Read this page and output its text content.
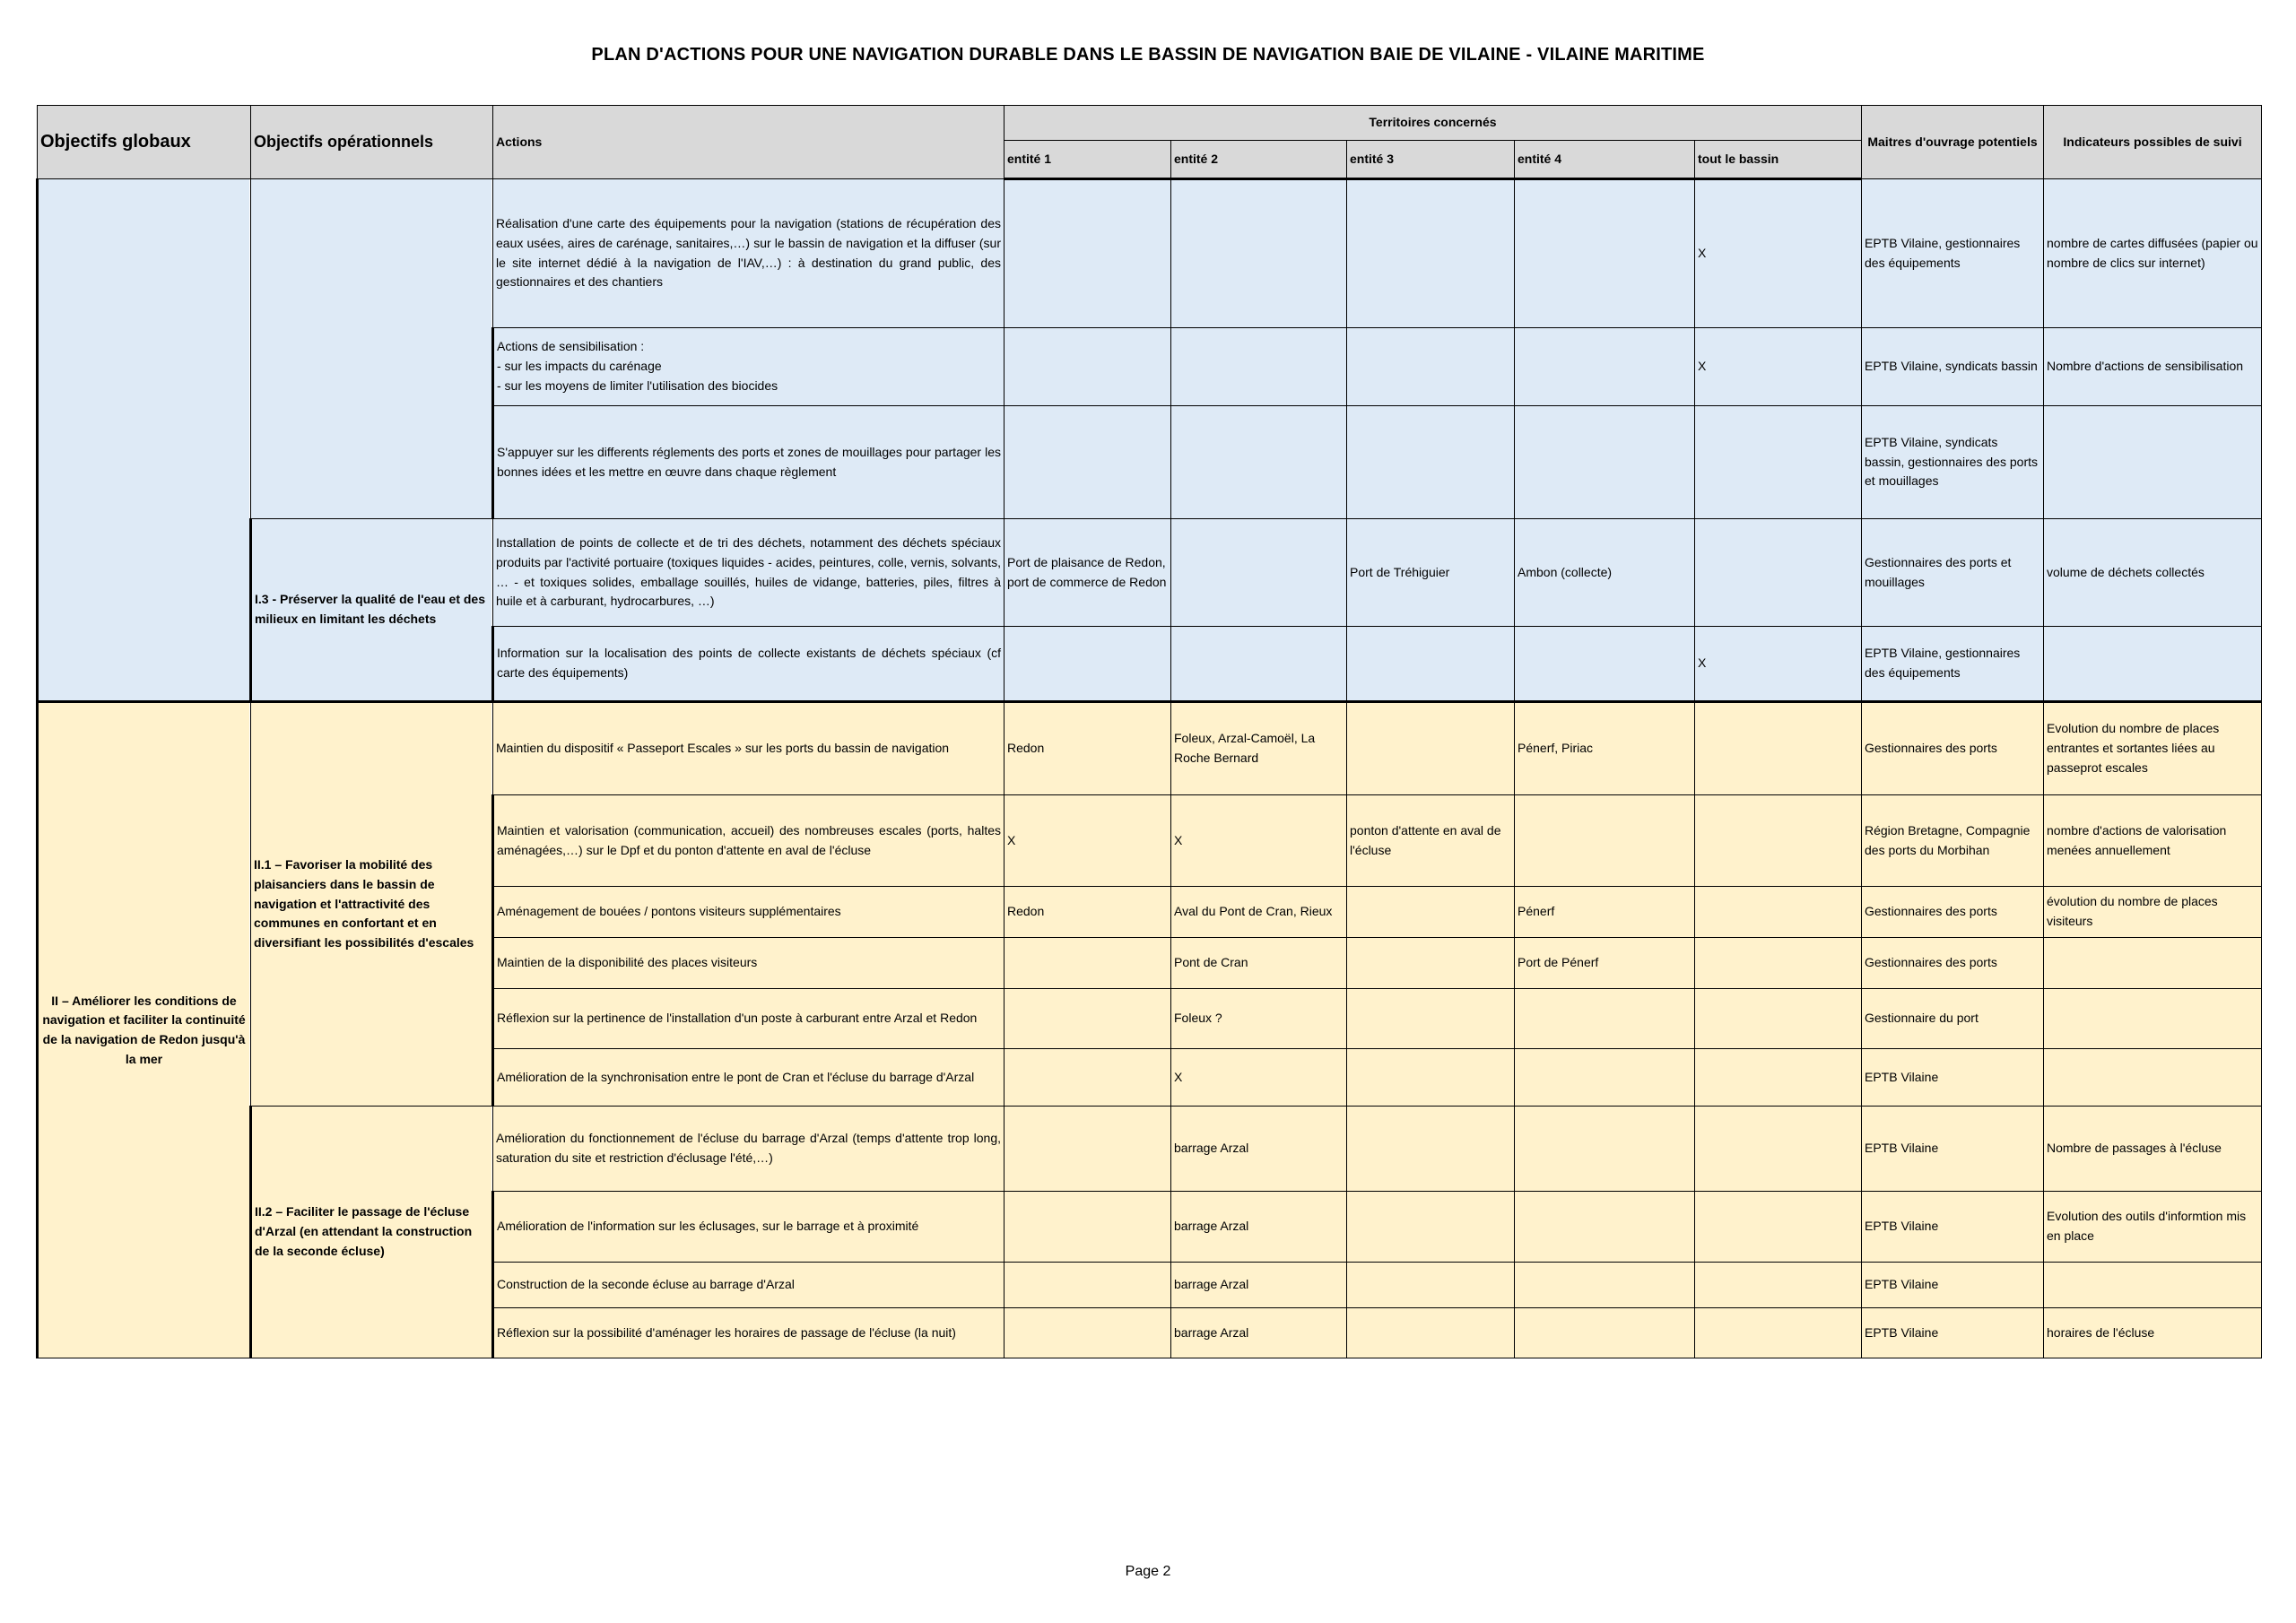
PLAN D'ACTIONS POUR UNE NAVIGATION DURABLE DANS LE BASSIN DE NAVIGATION BAIE DE VILAINE - VILAINE MARITIME
Objectifs globaux	Objectifs opérationnels	Actions	Territoires concernés					Maitres d'ouvrage potentiels	Indicateurs possibles de suivi
			entité 1	entité 2	entité 3	entité 4	tout le bassin		
		Réalisation d'une carte des équipements pour la navigation (stations de récupération des eaux usées, aires de carénage, sanitaires,…) sur le bassin de navigation et la diffuser (sur le site internet dédié à la navigation de l'IAV,…) : à destination du grand public, des gestionnaires et des chantiers					X	EPTB Vilaine, gestionnaires des équipements	nombre de cartes diffusées (papier ou nombre de clics sur internet)

		Actions de sensibilisation :
- sur les impacts du carénage
- sur les moyens de limiter l'utilisation des biocides					X	EPTB Vilaine, syndicats bassin	Nombre d'actions de sensibilisation
		S'appuyer sur les differents réglements des ports et zones de mouillages pour partager les bonnes idées et les mettre en œuvre dans chaque règlement						EPTB Vilaine, syndicats bassin, gestionnaires des ports et mouillages	
	I.3 - Préserver la qualité de l'eau et des milieux en limitant les déchets	Installation de points de collecte et de tri des déchets, notamment des déchets spéciaux produits par l'activité portuaire (toxiques liquides - acides, peintures, colle, vernis, solvants, … - et toxiques solides, emballage souillés, huiles de vidange, batteries, piles, filtres à huile et à carburant, hydrocarbures, …)	Port de plaisance de Redon, port de commerce de Redon		Port de Tréhiguier	Ambon (collecte)		Gestionnaires des ports et mouillages	volume de déchets collectés
		Information sur la localisation des points de collecte existants de déchets spéciaux (cf carte des équipements)					X	EPTB Vilaine, gestionnaires des équipements	
II – Améliorer les conditions de navigation et faciliter la continuité de la navigation de Redon jusqu'à la mer	II.1 – Favoriser la mobilité des plaisanciers dans le bassin de navigation et l'attractivité des communes en confortant et en diversifiant les possibilités d'escales	Maintien du dispositif « Passeport Escales » sur les ports du bassin de navigation	Redon	Foleux, Arzal-Camoël, La Roche Bernard		Pénerf, Piriac		Gestionnaires des ports	Evolution du nombre de places entrantes et sortantes liées au passeprot escales
		Maintien et valorisation (communication, accueil) des nombreuses escales (ports, haltes aménagées,…) sur le Dpf et du ponton d'attente en aval de l'écluse	X	X	ponton d'attente en aval de l'écluse			Région Bretagne, Compagnie des ports du Morbihan	nombre d'actions de valorisation menées annuellement
		Aménagement de bouées / pontons visiteurs supplémentaires	Redon	Aval du Pont de Cran, Rieux		Pénerf		Gestionnaires des ports	évolution du nombre de places visiteurs
		Maintien de la disponibilité des places visiteurs		Pont de Cran		Port de Pénerf		Gestionnaires des ports	
		Réflexion sur la pertinence de l'installation d'un poste à carburant entre Arzal et Redon		Foleux ?				Gestionnaire du port	
		Amélioration de la synchronisation entre le pont de Cran et l'écluse du barrage d'Arzal		X				EPTB Vilaine	
	II.2 – Faciliter le passage de l'écluse d'Arzal (en attendant la construction de la seconde écluse)	Amélioration du fonctionnement de l'écluse du barrage d'Arzal (temps d'attente trop long, saturation du site et restriction d'éclusage l'été,…)		barrage Arzal				EPTB Vilaine	Nombre de passages à l'écluse
		Amélioration de l'information sur les éclusages, sur le barrage et à proximité		barrage Arzal				EPTB Vilaine	Evolution des outils d'informtion mis en place
		Construction de la seconde écluse au barrage d'Arzal		barrage Arzal				EPTB Vilaine	
		Réflexion sur la possibilité d'aménager les horaires de passage de l'écluse (la nuit)		barrage Arzal				EPTB Vilaine	horaires de l'écluse
Page 2
